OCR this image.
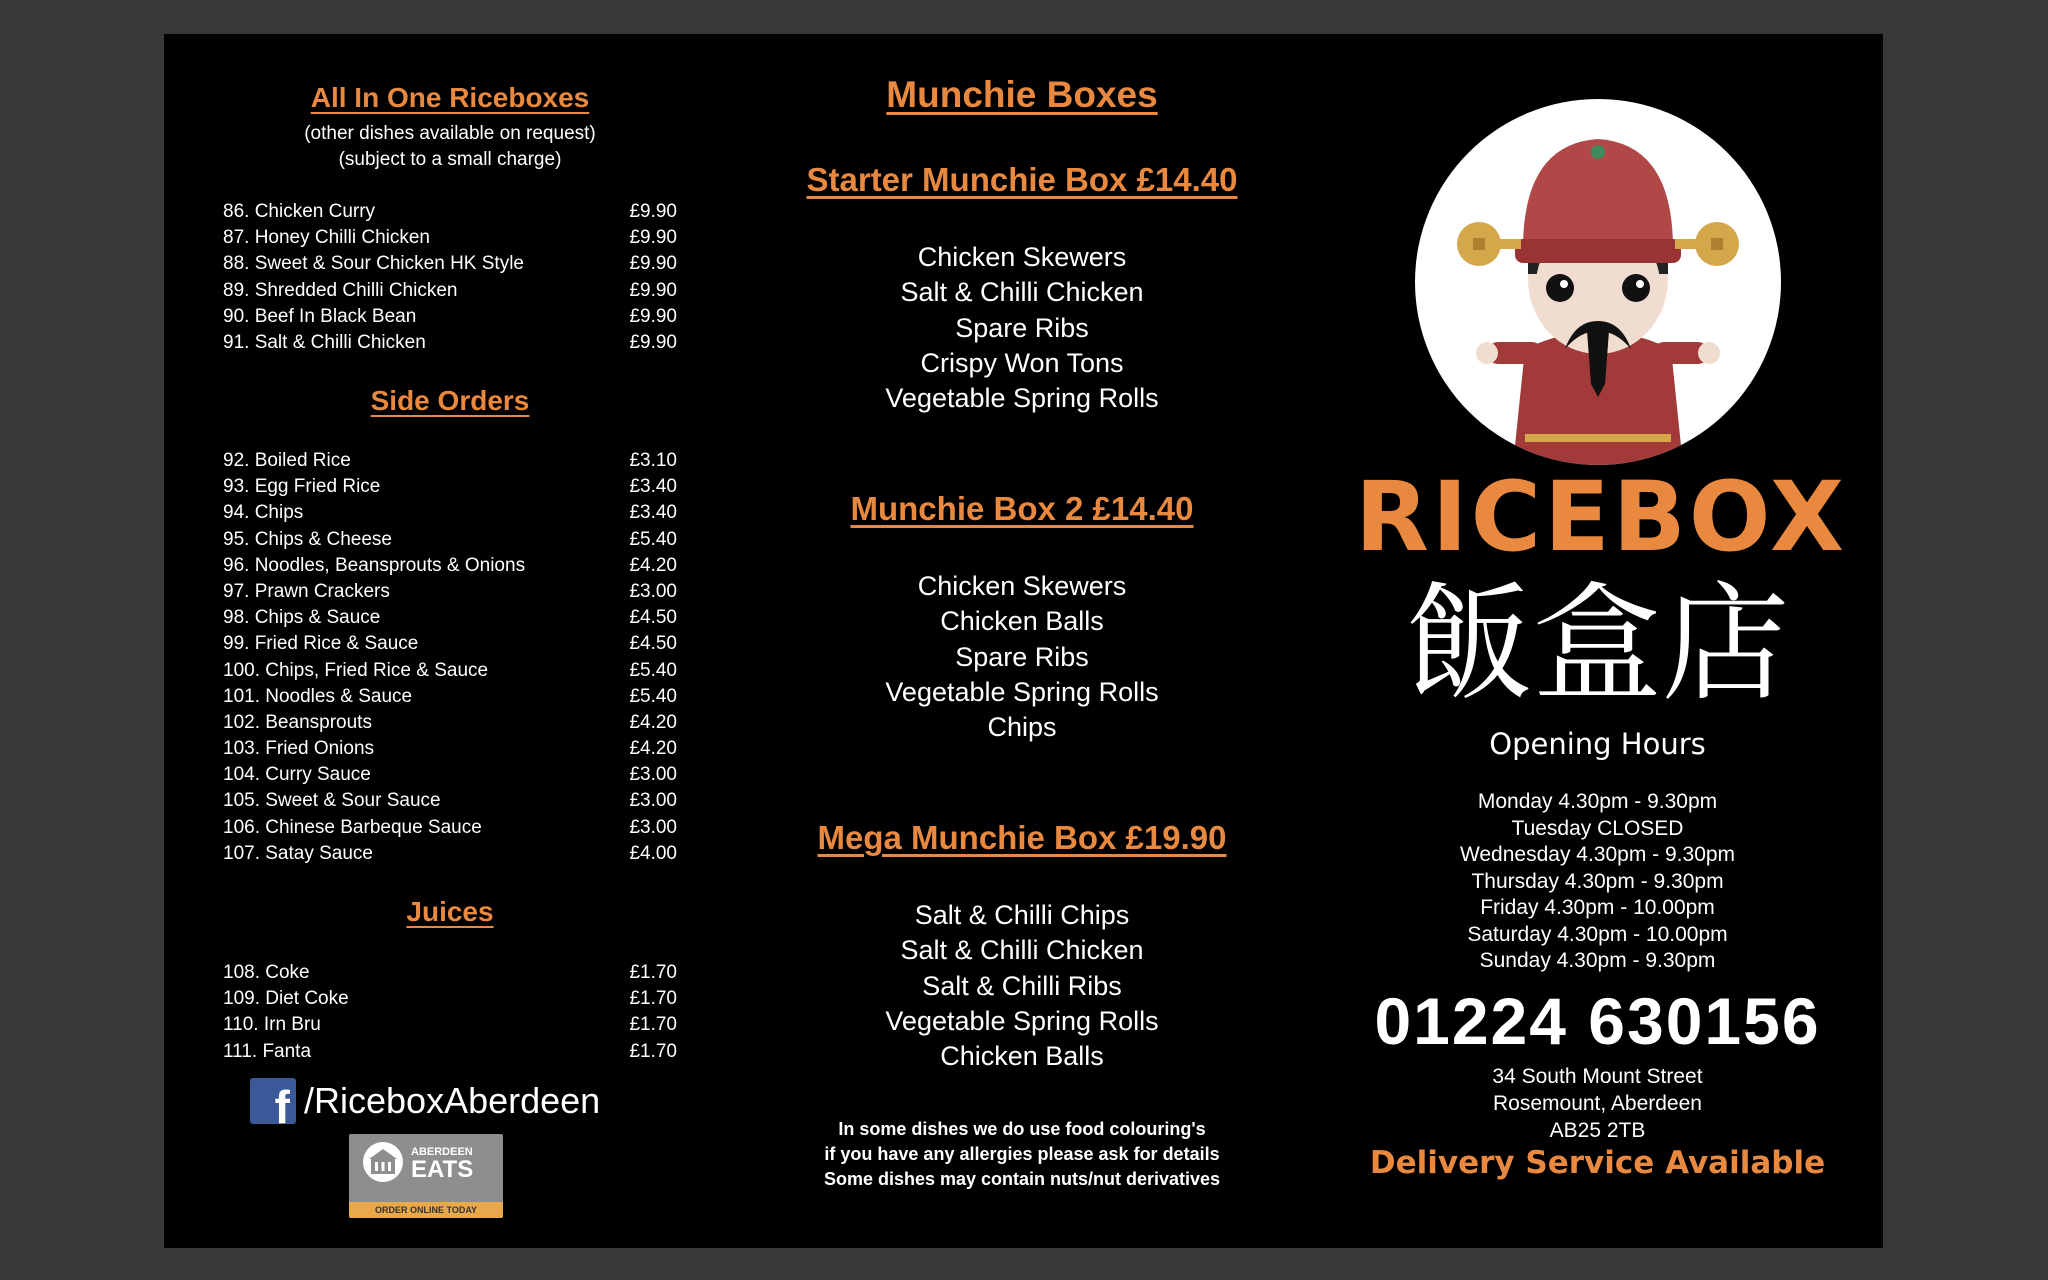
All In One Riceboxes
(other dishes available on request)
(subject to a small charge)
86. Chicken Curry	£9.90
87. Honey Chilli Chicken	£9.90
88. Sweet & Sour Chicken HK Style	£9.90
89. Shredded Chilli Chicken	£9.90
90. Beef In Black Bean	£9.90
91. Salt & Chilli Chicken	£9.90
Side Orders
92. Boiled Rice	£3.10
93. Egg Fried Rice	£3.40
94. Chips	£3.40
95. Chips & Cheese	£5.40
96. Noodles, Beansprouts & Onions	£4.20
97. Prawn Crackers	£3.00
98. Chips & Sauce	£4.50
99. Fried Rice & Sauce	£4.50
100. Chips, Fried Rice & Sauce	£5.40
101. Noodles & Sauce	£5.40
102. Beansprouts	£4.20
103. Fried Onions	£4.20
104. Curry Sauce	£3.00
105. Sweet & Sour Sauce	£3.00
106. Chinese Barbeque Sauce	£3.00
107. Satay Sauce	£4.00
Juices
108. Coke	£1.70
109. Diet Coke	£1.70
110. Irn Bru	£1.70
111. Fanta	£1.70
f /RiceboxAberdeen
ABERDEEN
EATS
ORDER ONLINE TODAY
Munchie Boxes
Starter Munchie Box £14.40
Chicken Skewers
Salt & Chilli Chicken
Spare Ribs
Crispy Won Tons
Vegetable Spring Rolls
Munchie Box 2 £14.40
Chicken Skewers
Chicken Balls
Spare Ribs
Vegetable Spring Rolls
Chips
Mega Munchie Box £19.90
Salt & Chilli Chips
Salt & Chilli Chicken
Salt & Chilli Ribs
Vegetable Spring Rolls
Chicken Balls
In some dishes we do use food colouring's
if you have any allergies please ask for details
Some dishes may contain nuts/nut derivatives
RICEBOX
飯盒店
Opening Hours
Monday 4.30pm - 9.30pm
Tuesday CLOSED
Wednesday 4.30pm - 9.30pm
Thursday 4.30pm - 9.30pm
Friday 4.30pm - 10.00pm
Saturday 4.30pm - 10.00pm
Sunday 4.30pm - 9.30pm
01224 630156
34 South Mount Street
Rosemount, Aberdeen
AB25 2TB
Delivery Service Available
